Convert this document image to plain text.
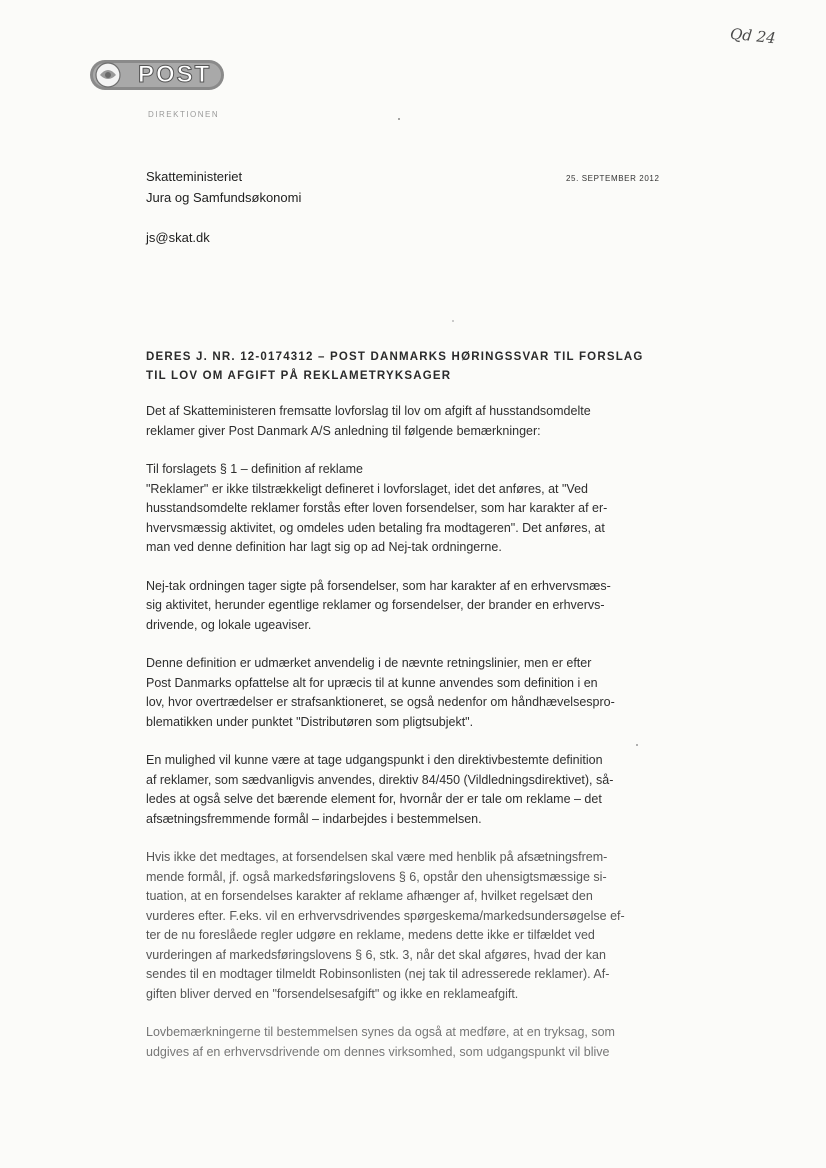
Qd 24
POST
DIREKTIONEN
Skatteministeriet
Jura og Samfundsøkonomi
js@skat.dk
25. SEPTEMBER 2012
DERES J. NR. 12-0174312 – POST DANMARKS HØRINGSSVAR TIL FORSLAG
TIL LOV OM AFGIFT PÅ REKLAMETRYKSAGER

Det af Skatteministeren fremsatte lovforslag til lov om afgift af husstandsomdelte
reklamer giver Post Danmark A/S anledning til følgende bemærkninger:

Til forslagets § 1 – definition af reklame
"Reklamer" er ikke tilstrækkeligt defineret i lovforslaget, idet det anføres, at "Ved
husstandsomdelte reklamer forstås efter loven forsendelser, som har karakter af er-
hvervsmæssig aktivitet, og omdeles uden betaling fra modtageren". Det anføres, at
man ved denne definition har lagt sig op ad Nej-tak ordningerne.

Nej-tak ordningen tager sigte på forsendelser, som har karakter af en erhvervsmæs-
sig aktivitet, herunder egentlige reklamer og forsendelser, der brander en erhvervs-
drivende, og lokale ugeaviser.

Denne definition er udmærket anvendelig i de nævnte retningslinier, men er efter
Post Danmarks opfattelse alt for upræcis til at kunne anvendes som definition i en
lov, hvor overtrædelser er strafsanktioneret, se også nedenfor om håndhævelsespro-
blematikken under punktet "Distributøren som pligtsubjekt".

En mulighed vil kunne være at tage udgangspunkt i den direktivbestemte definition
af reklamer, som sædvanligvis anvendes, direktiv 84/450 (Vildledningsdirektivet), så-
ledes at også selve det bærende element for, hvornår der er tale om reklame – det
afsætningsfremmende formål – indarbejdes i bestemmelsen.

Hvis ikke det medtages, at forsendelsen skal være med henblik på afsætningsfrem-
mende formål, jf. også markedsføringslovens § 6, opstår den uhensigtsmæssige si-
tuation, at en forsendelses karakter af reklame afhænger af, hvilket regelsæt den
vurderes efter. F.eks. vil en erhvervsdrivendes spørgeskema/markedsundersøgelse ef-
ter de nu foreslåede regler udgøre en reklame, medens dette ikke er tilfældet ved
vurderingen af markedsføringslovens § 6, stk. 3, når det skal afgøres, hvad der kan
sendes til en modtager tilmeldt Robinsonlisten (nej tak til adresserede reklamer). Af-
giften bliver derved en "forsendelsesafgift" og ikke en reklameafgift.

Lovbemærkningerne til bestemmelsen synes da også at medføre, at en tryksag, som
udgives af en erhvervsdrivende om dennes virksomhed, som udgangspunkt vil blive
